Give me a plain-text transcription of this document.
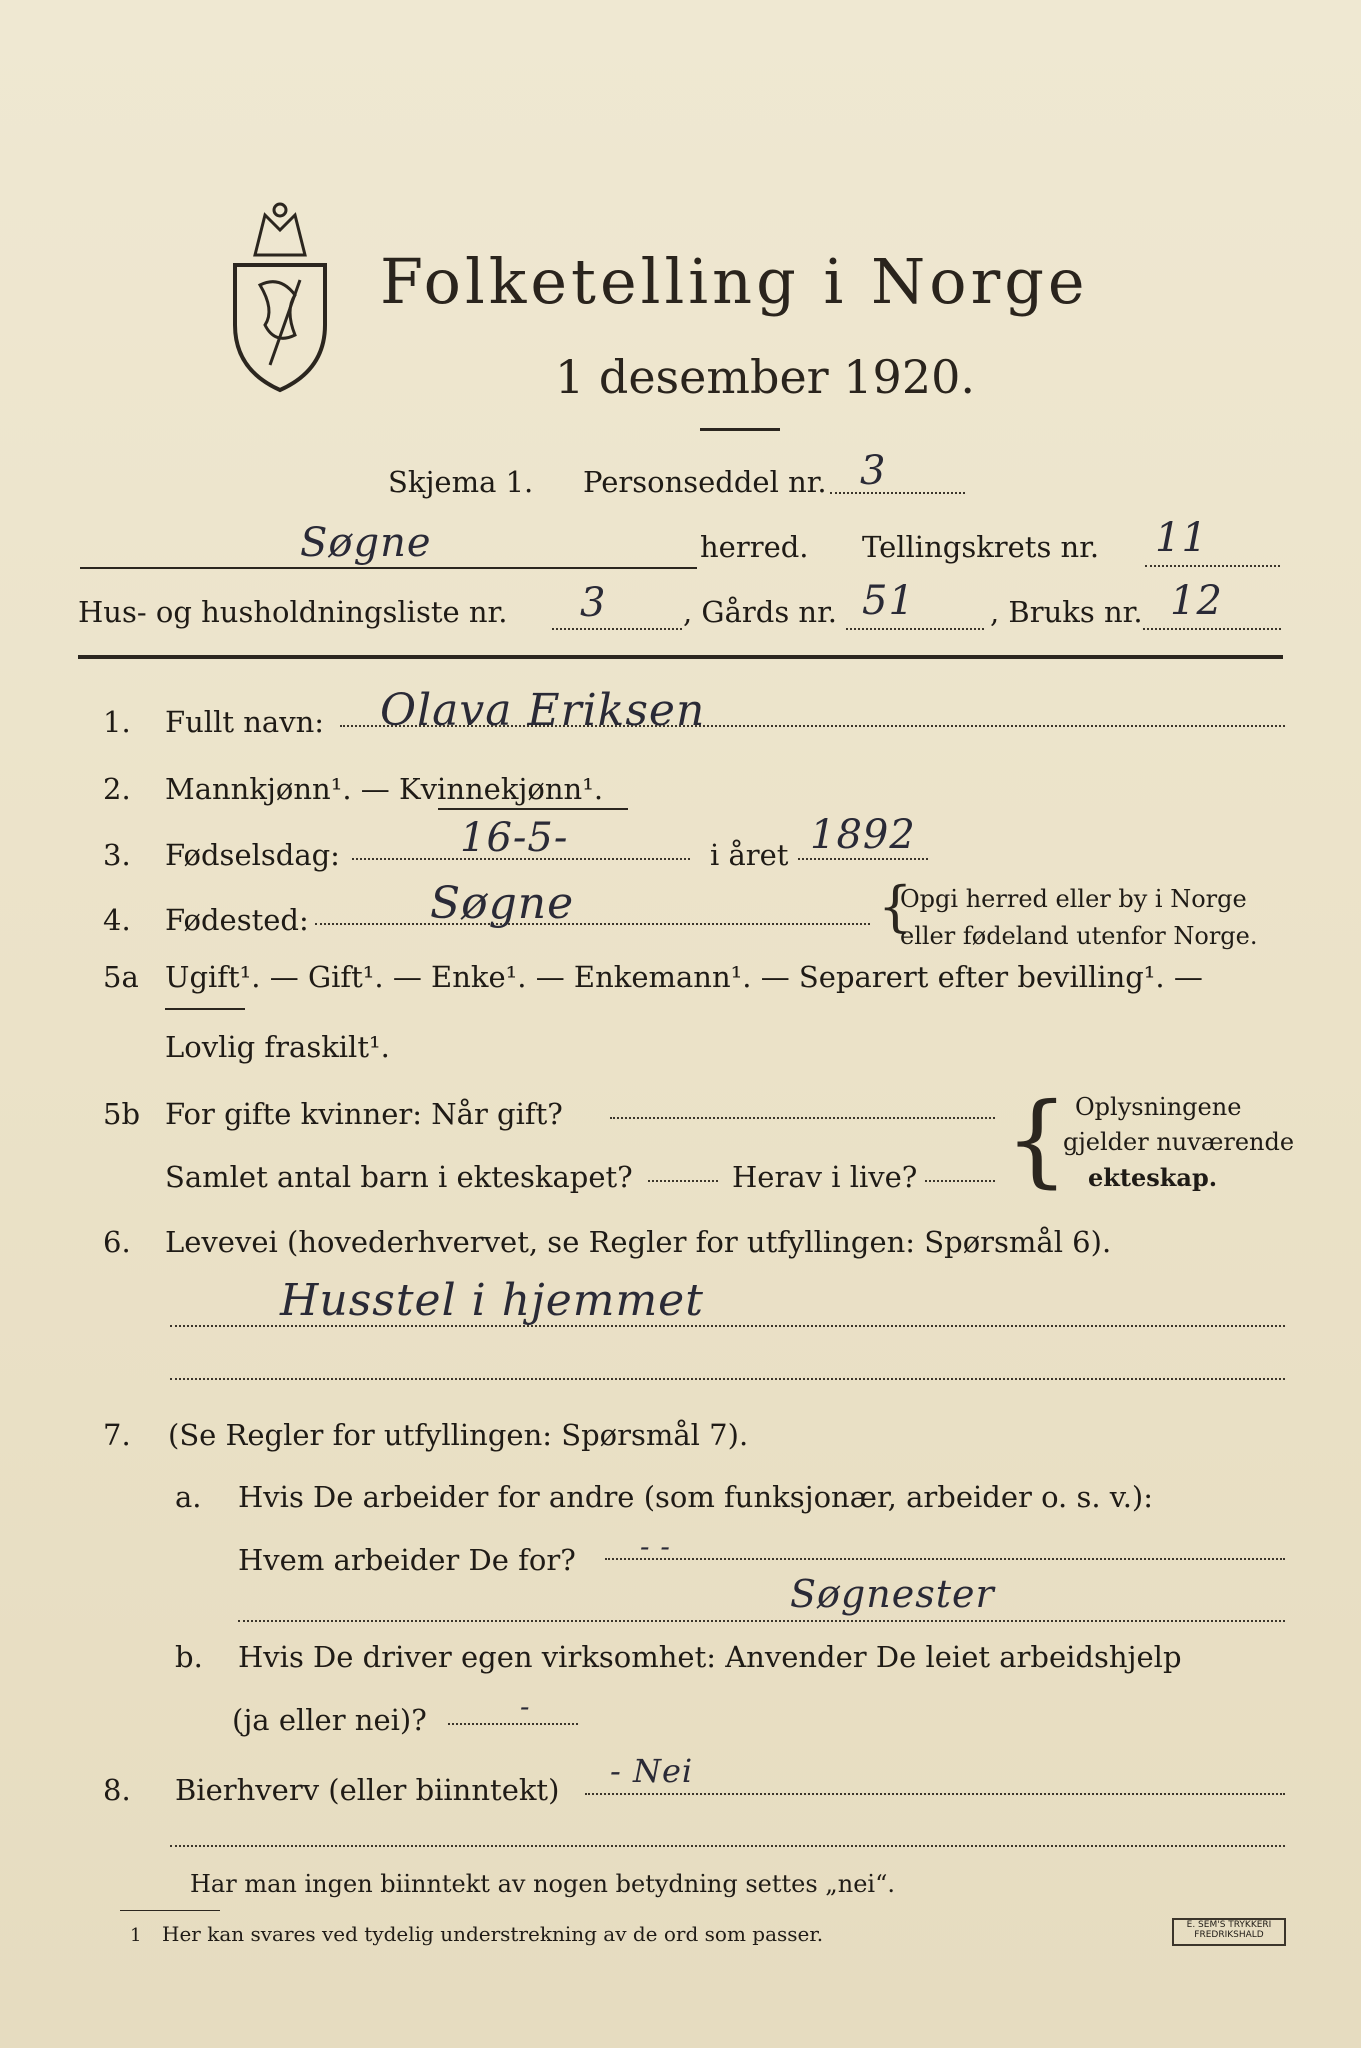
Folketelling i Norge
1 desember 1920.
Skjema 1. Personseddel nr. 3
Søgne	herred. Tellingskrets nr. 11
Hus- og husholdningsliste nr. 3	, Gårds nr. 51	, Bruks nr. 12
1. Fullt navn: Olava Eriksen
2. Mannkjønn¹. — Kvinnekjønn¹.
3. Fødselsdag:	16-5-	i året 1892
4. Fødested:	Søgne	{
Opgi herred eller by i Norge
eller fødeland utenfor Norge.
5a Ugift¹. — Gift¹. — Enke¹. — Enkemann¹. — Separert efter bevilling¹. —
Lovlig fraskilt¹.
5b For gifte kvinner: Når gift?
Samlet antal barn i ekteskapet?	Herav i live? { Oplysningene
gjelder nuværende
ekteskap.
6. Levevei (hovederhvervet, se Regler for utfyllingen: Spørsmål 6).
Husstel i hjemmet
7. (Se Regler for utfyllingen: Spørsmål 7).
a. Hvis De arbeider for andre (som funksjonær, arbeider o. s. v.):
Hvem arbeider De for? - -
Søgnester
b. Hvis De driver egen virksomhet: Anvender De leiet arbeidshjelp
(ja eller nei)?	-
8. Bierhverv (eller biinntekt) - Nei
Har man ingen biinntekt av nogen betydning settes „nei“.
1 Her kan svares ved tydelig understrekning av de ord som passer.	E. SEM'S TRYKKERI FREDRIKSHALD
